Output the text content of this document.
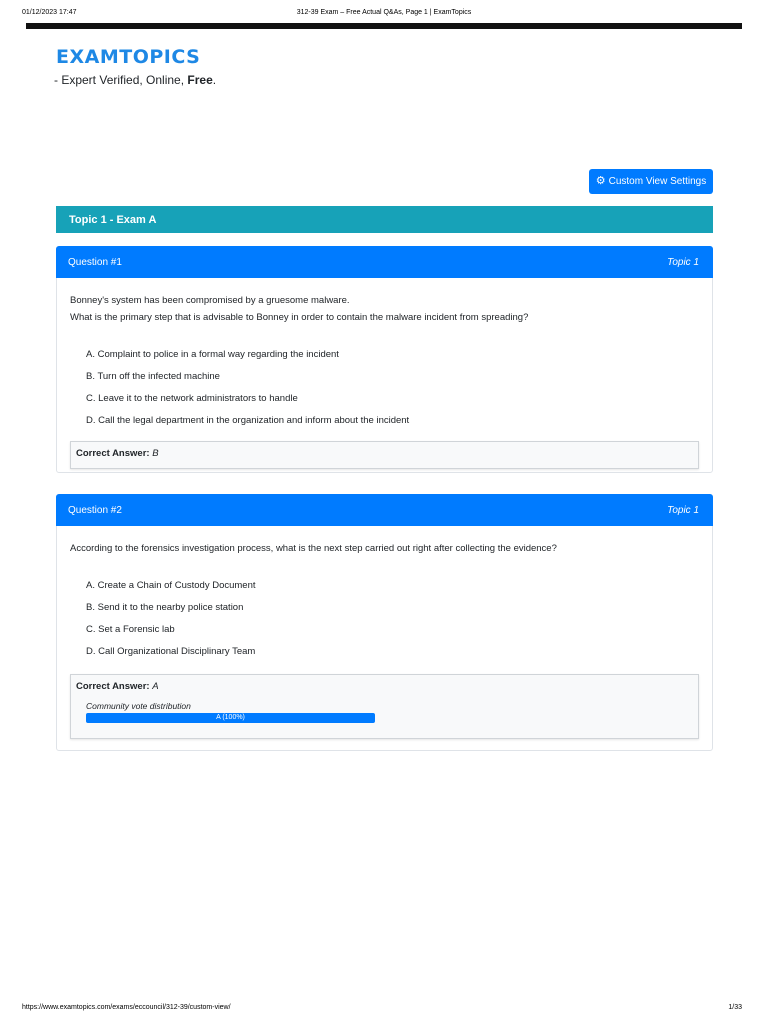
01/12/2023 17:47	312-39 Exam – Free Actual Q&As, Page 1 | ExamTopics
EXAMTOPICS
- Expert Verified, Online, Free.
⚙ Custom View Settings
Topic 1 - Exam A
Question #1	Topic 1
Bonney's system has been compromised by a gruesome malware.
What is the primary step that is advisable to Bonney in order to contain the malware incident from spreading?
A. Complaint to police in a formal way regarding the incident
B. Turn off the infected machine
C. Leave it to the network administrators to handle
D. Call the legal department in the organization and inform about the incident
Correct Answer: B
Question #2	Topic 1
According to the forensics investigation process, what is the next step carried out right after collecting the evidence?
A. Create a Chain of Custody Document
B. Send it to the nearby police station
C. Set a Forensic lab
D. Call Organizational Disciplinary Team
Correct Answer: A
Community vote distribution
A (100%)
https://www.examtopics.com/exams/eccouncil/312-39/custom-view/	1/33
